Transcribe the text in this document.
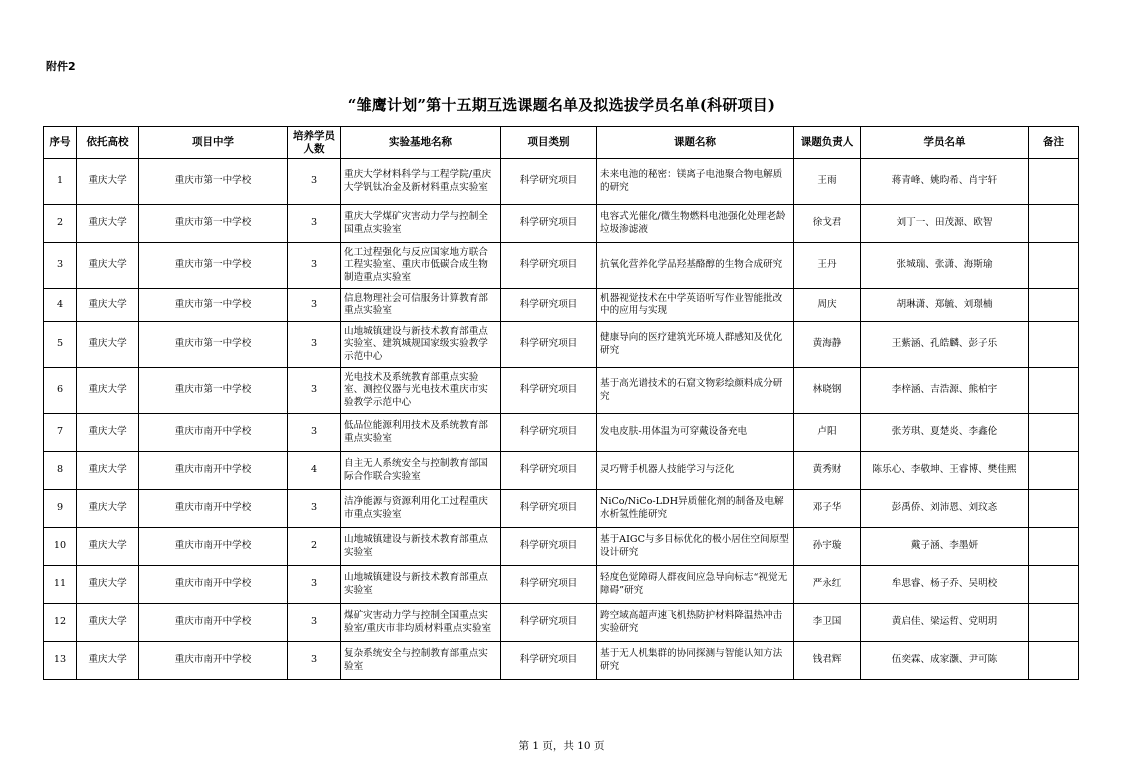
附件2
“雏鹰计划”第十五期互选课题名单及拟选拔学员名单(科研项目)
序号	依托高校	项目中学	培养学员人数	实验基地名称	项目类别	课题名称	课题负责人	学员名单	备注
1	重庆大学	重庆市第一中学校	3	重庆大学材料科学与工程学院/重庆大学钒钛冶金及新材料重点实验室	科学研究项目	未来电池的秘密：镁离子电池聚合物电解质的研究	王雨	蒋青峰、姚昀希、肖宇轩	
2	重庆大学	重庆市第一中学校	3	重庆大学煤矿灾害动力学与控制全国重点实验室	科学研究项目	电容式光催化/微生物燃料电池强化处理老龄垃圾渗滤液	徐戈君	刘丁一、田茂源、欧智	
3	重庆大学	重庆市第一中学校	3	化工过程强化与反应国家地方联合工程实验室、重庆市低碳合成生物制造重点实验室	科学研究项目	抗氧化营养化学品羟基酪醇的生物合成研究	王丹	张城瑞、张潇、海斯瑜	
4	重庆大学	重庆市第一中学校	3	信息物理社会可信服务计算教育部重点实验室	科学研究项目	机器视觉技术在中学英语听写作业智能批改中的应用与实现	周庆	胡琳潇、郑毓、刘璟楠	
5	重庆大学	重庆市第一中学校	3	山地城镇建设与新技术教育部重点实验室、建筑城规国家级实验教学示范中心	科学研究项目	健康导向的医疗建筑光环境人群感知及优化研究	黄海静	王紫涵、孔皓麟、彭子乐	
6	重庆大学	重庆市第一中学校	3	光电技术及系统教育部重点实验室、测控仪器与光电技术重庆市实验教学示范中心	科学研究项目	基于高光谱技术的石窟文物彩绘颜料成分研究	林晓钢	李梓涵、吉浩源、熊柏宇	
7	重庆大学	重庆市南开中学校	3	低品位能源利用技术及系统教育部重点实验室	科学研究项目	发电皮肤-用体温为可穿戴设备充电	卢阳	张芳琪、夏楚炎、李鑫伦	
8	重庆大学	重庆市南开中学校	4	自主无人系统安全与控制教育部国际合作联合实验室	科学研究项目	灵巧臂手机器人技能学习与泛化	黄秀财	陈乐心、李敬坤、王睿博、樊佳熙	
9	重庆大学	重庆市南开中学校	3	洁净能源与资源利用化工过程重庆市重点实验室	科学研究项目	NiCo/NiCo-LDH异质催化剂的制备及电解水析氢性能研究	邓子华	彭禹侨、刘沛恩、刘玟忞	
10	重庆大学	重庆市南开中学校	2	山地城镇建设与新技术教育部重点实验室	科学研究项目	基于AIGC与多目标优化的极小居住空间原型设计研究	孙宇璇	戴子涵、李墨妍	
11	重庆大学	重庆市南开中学校	3	山地城镇建设与新技术教育部重点实验室	科学研究项目	轻度色觉障碍人群夜间应急导向标志“视觉无障碍”研究	严永红	牟思睿、杨子乔、吴明校	
12	重庆大学	重庆市南开中学校	3	煤矿灾害动力学与控制全国重点实验室/重庆市非均质材料重点实验室	科学研究项目	跨空域高超声速飞机热防护材料降温热冲击实验研究	李卫国	黄启佳、梁运哲、党明玥	
13	重庆大学	重庆市南开中学校	3	复杂系统安全与控制教育部重点实验室	科学研究项目	基于无人机集群的协同探测与智能认知方法研究	钱君辉	伍奕霖、成家灏、尹可陈	
第 1 页，共 10 页
